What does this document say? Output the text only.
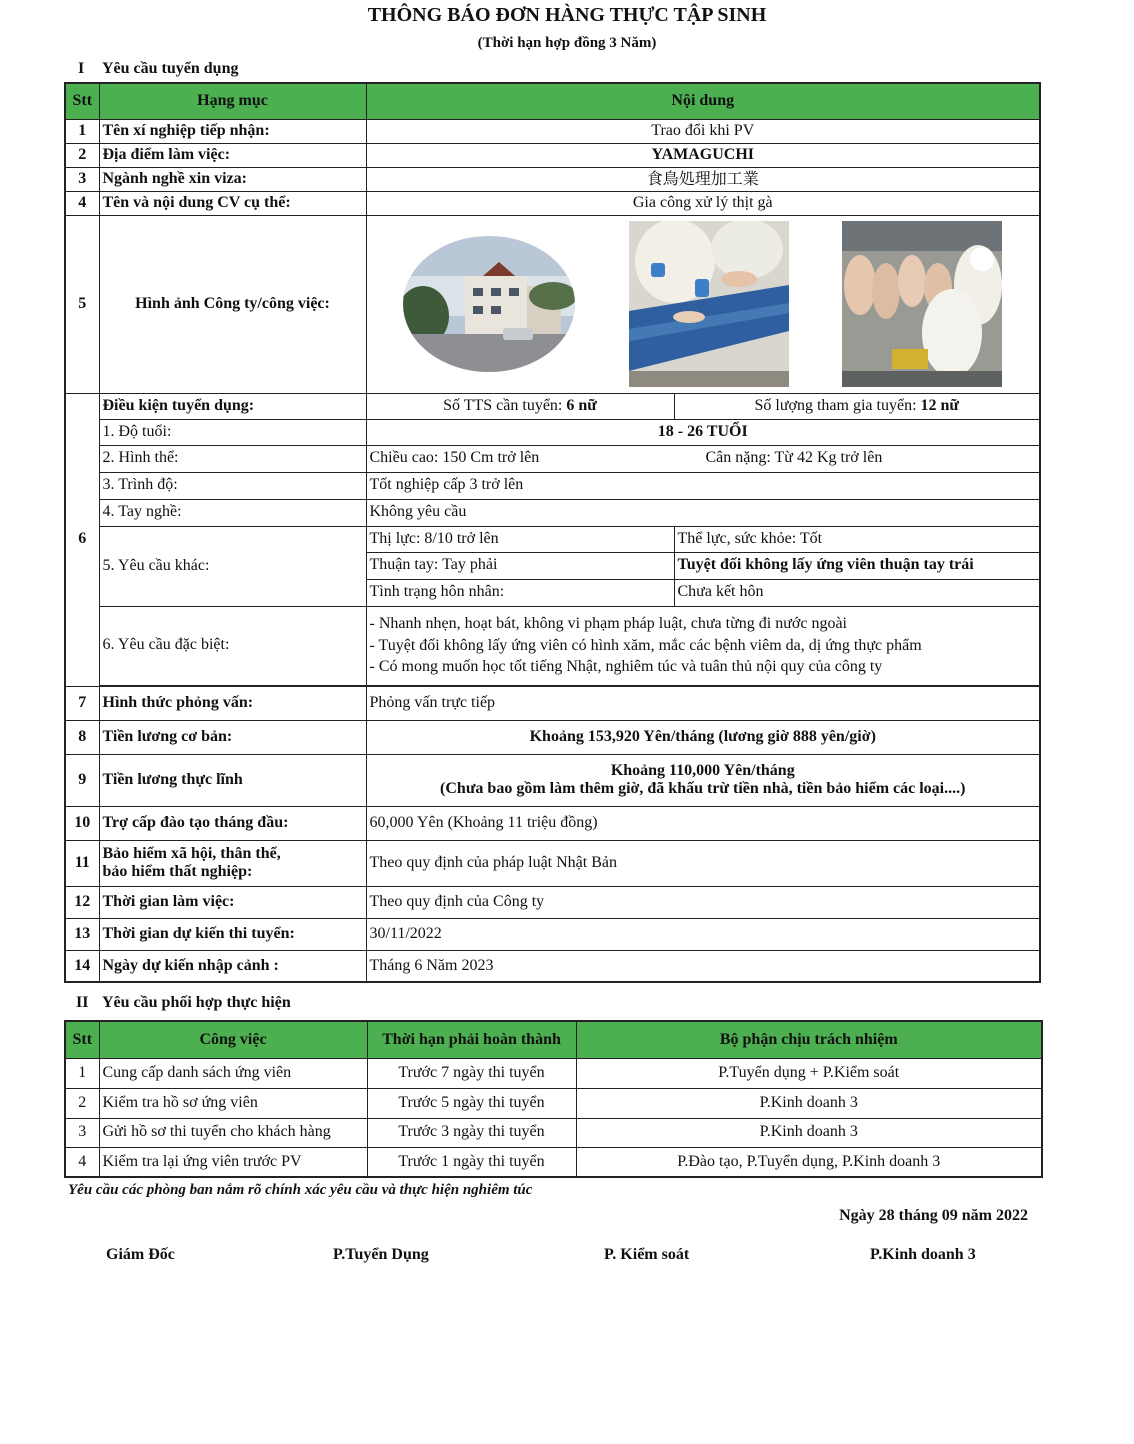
THÔNG BÁO ĐƠN HÀNG THỰC TẬP SINH
(Thời hạn hợp đồng 3 Năm)
I Yêu cầu tuyển dụng
Stt	Hạng mục	Nội dung	
1	Tên xí nghiệp tiếp nhận:	Trao đổi khi PV	
2	Địa điểm làm việc:	YAMAGUCHI	
3	Ngành nghề xin viza:	食鳥処理加工業	
4	Tên và nội dung CV cụ thể:	Gia công xử lý thịt gà	
5	Hình ảnh Công ty/công việc:	

6	Điều kiện tuyển dụng:	Số TTS cần tuyển: 6 nữ	Số lượng tham gia tuyển: 12 nữ
	1. Độ tuổi:	18 - 26 TUỔI	
	2. Hình thể:	Chiều cao: 150 Cm trở lên Cân nặng: Từ 42 Kg trở lên	

	3. Trình độ:	Tốt nghiệp cấp 3 trở lên	
	4. Tay nghề:	Không yêu cầu	
	5. Yêu cầu khác:	Thị lực: 8/10 trở lên	Thể lực, sức khỏe: Tốt
		Thuận tay: Tay phải	Tuyệt đối không lấy ứng viên thuận tay trái
		Tình trạng hôn nhân:	Chưa kết hôn
	6. Yêu cầu đặc biệt:	- Nhanh nhẹn, hoạt bát, không vi phạm pháp luật, chưa từng đi nước ngoài
- Tuyệt đối không lấy ứng viên có hình xăm, mắc các bệnh viêm da, dị ứng thực phẩm
- Có mong muốn học tốt tiếng Nhật, nghiêm túc và tuân thủ nội quy của công ty	

7	Hình thức phỏng vấn:	Phỏng vấn trực tiếp	
8	Tiền lương cơ bản:	Khoảng 153,920 Yên/tháng (lương giờ 888 yên/giờ)	
9	Tiền lương thực lĩnh	Khoảng 110,000 Yên/tháng
(Chưa bao gồm làm thêm giờ, đã khấu trừ tiền nhà, tiền bảo hiểm các loại....)	

10	Trợ cấp đào tạo tháng đầu:	60,000 Yên (Khoảng 11 triệu đồng)	
11	Bảo hiểm xã hội, thân thể,
bảo hiểm thất nghiệp:	Theo quy định của pháp luật Nhật Bản	
12	Thời gian làm việc:	Theo quy định của Công ty	
13	Thời gian dự kiến thi tuyển:	30/11/2022	
14	Ngày dự kiến nhập cảnh :	Tháng 6 Năm 2023	
II Yêu cầu phối hợp thực hiện
Stt	Công việc	Thời hạn phải hoàn thành	Bộ phận chịu trách nhiệm
1	Cung cấp danh sách ứng viên	Trước 7 ngày thi tuyển	P.Tuyển dụng + P.Kiểm soát
2	Kiểm tra hồ sơ ứng viên	Trước 5 ngày thi tuyển	P.Kinh doanh 3
3	Gửi hồ sơ thi tuyển cho khách hàng	Trước 3 ngày thi tuyển	P.Kinh doanh 3
4	Kiểm tra lại ứng viên trước PV	Trước 1 ngày thi tuyển	P.Đào tạo, P.Tuyển dụng, P.Kinh doanh 3
Yêu cầu các phòng ban nắm rõ chính xác yêu cầu và thực hiện nghiêm túc
Ngày 28 tháng 09 năm 2022
Giám Đốc	P.Tuyển Dụng	P. Kiểm soát	P.Kinh doanh 3
